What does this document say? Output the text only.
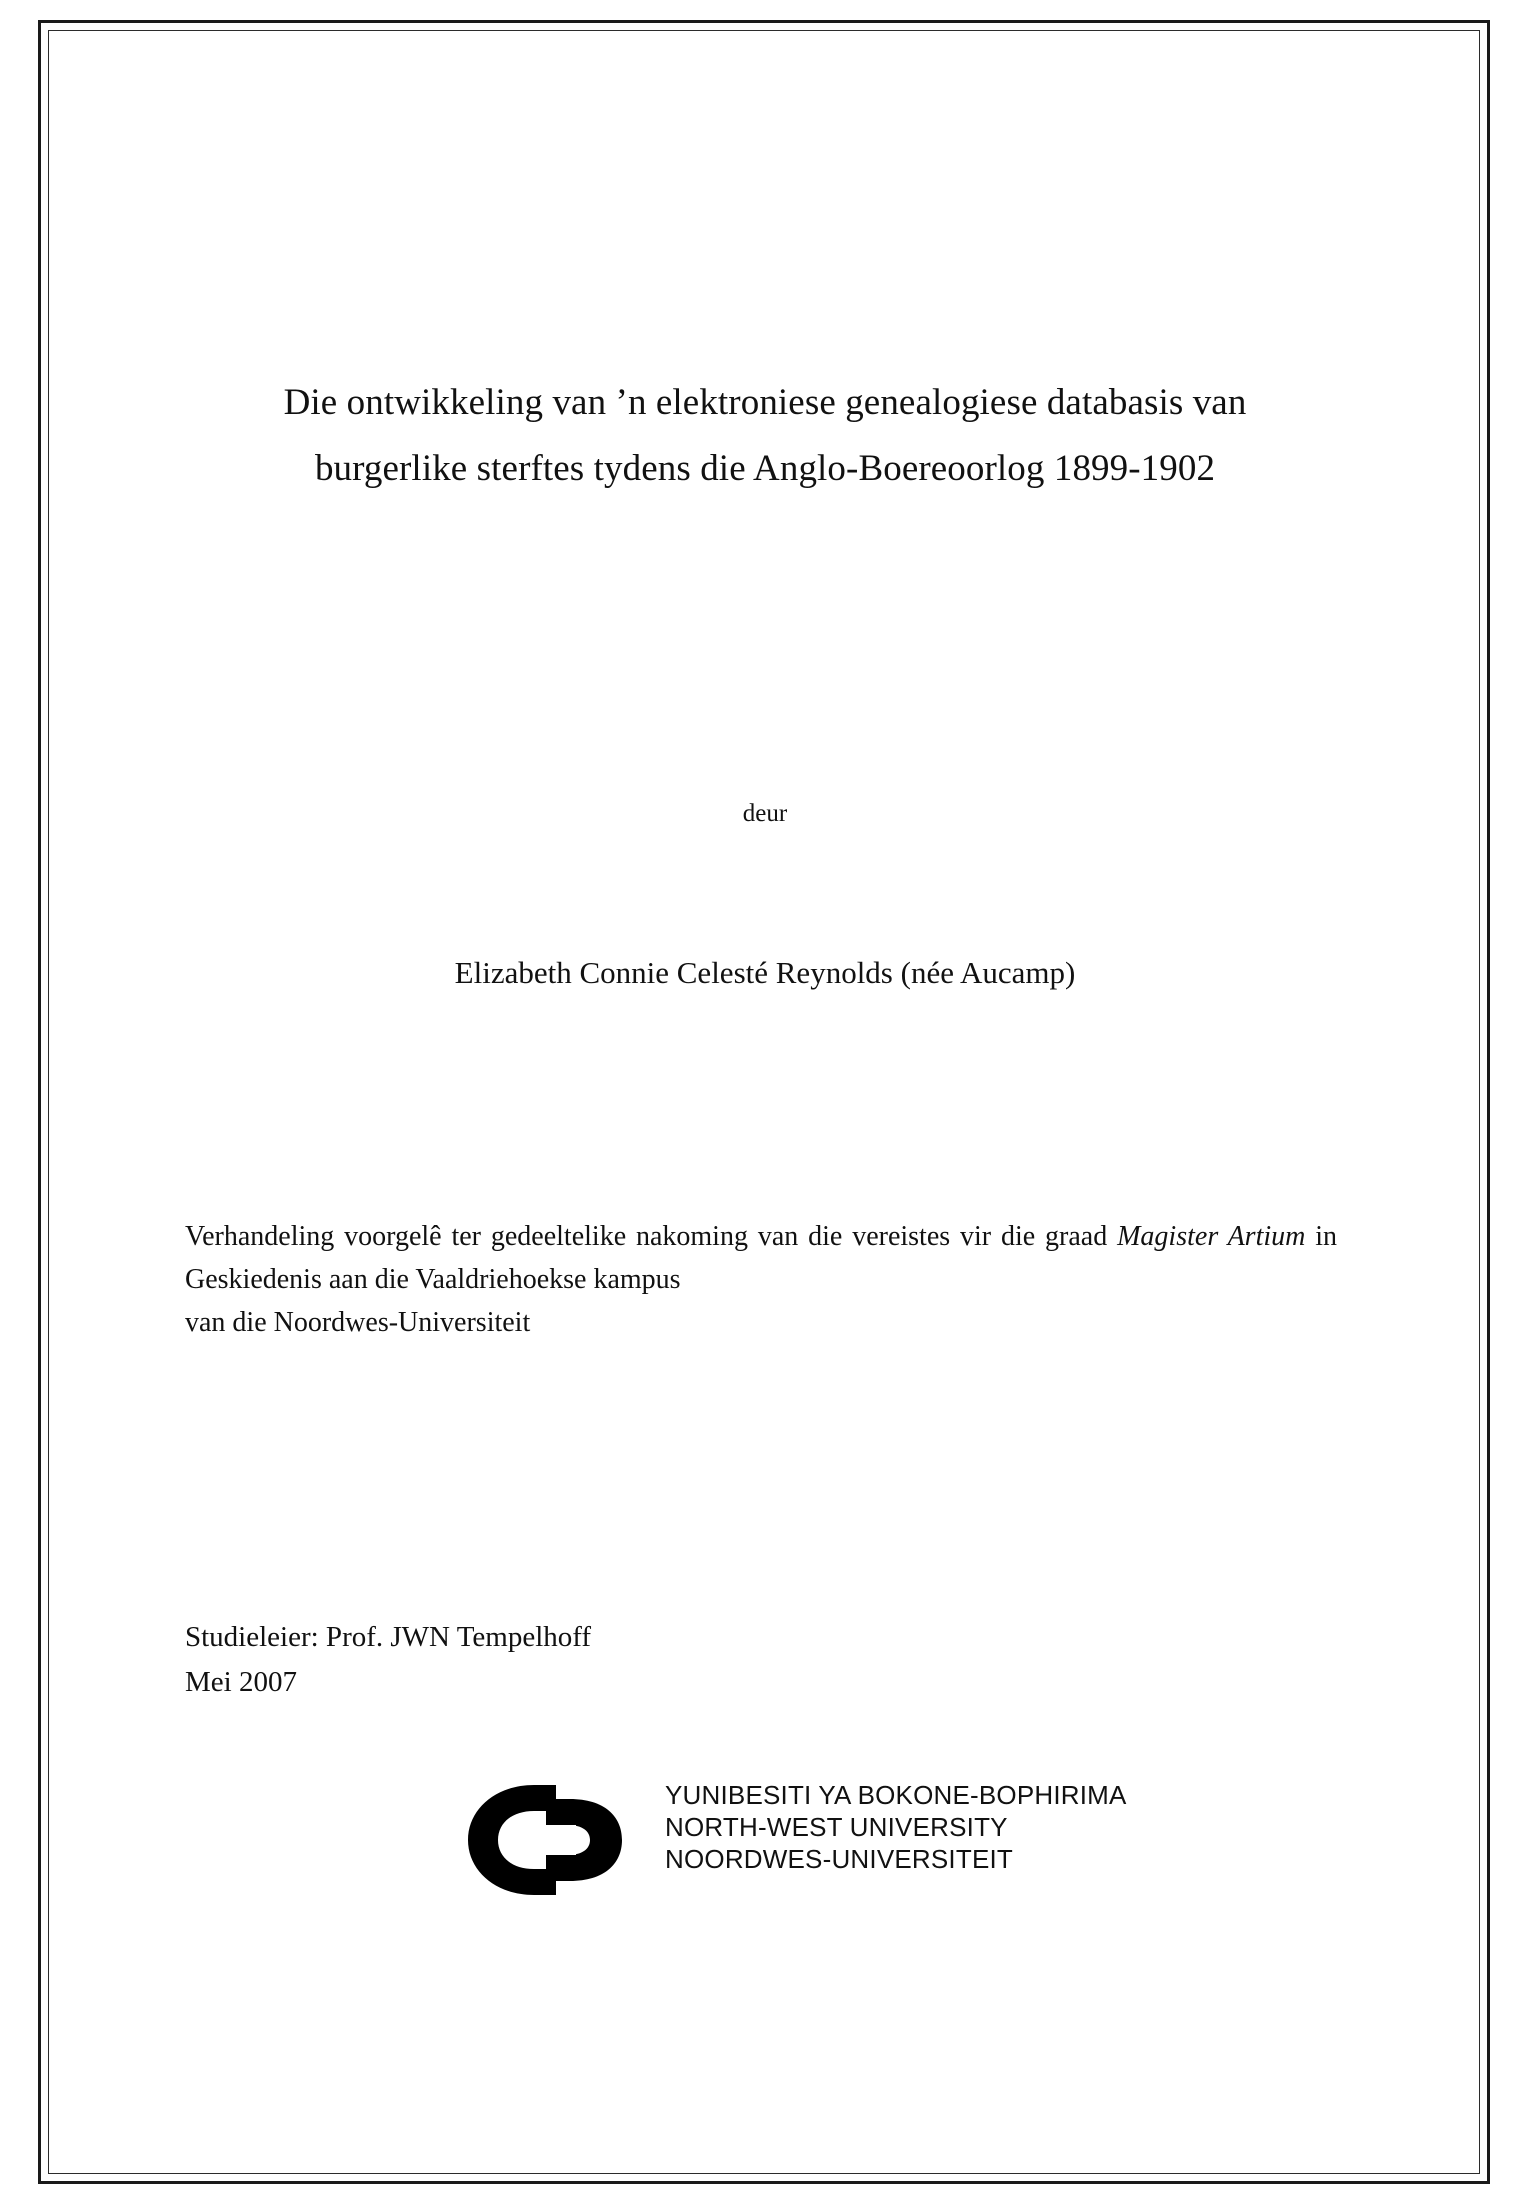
Die ontwikkeling van ’n elektroniese genealogiese databasis van
burgerlike sterftes tydens die Anglo-Boereoorlog 1899-1902
deur
Elizabeth Connie Celesté Reynolds (née Aucamp)
Verhandeling voorgelê ter gedeeltelike nakoming van die vereistes vir die graad Magister Artium in Geskiedenis aan die Vaaldriehoekse kampus
van die Noordwes-Universiteit
Studieleier: Prof. JWN Tempelhoff
Mei 2007
YUNIBESITI YA BOKONE-BOPHIRIMA
NORTH-WEST UNIVERSITY
NOORDWES-UNIVERSITEIT
